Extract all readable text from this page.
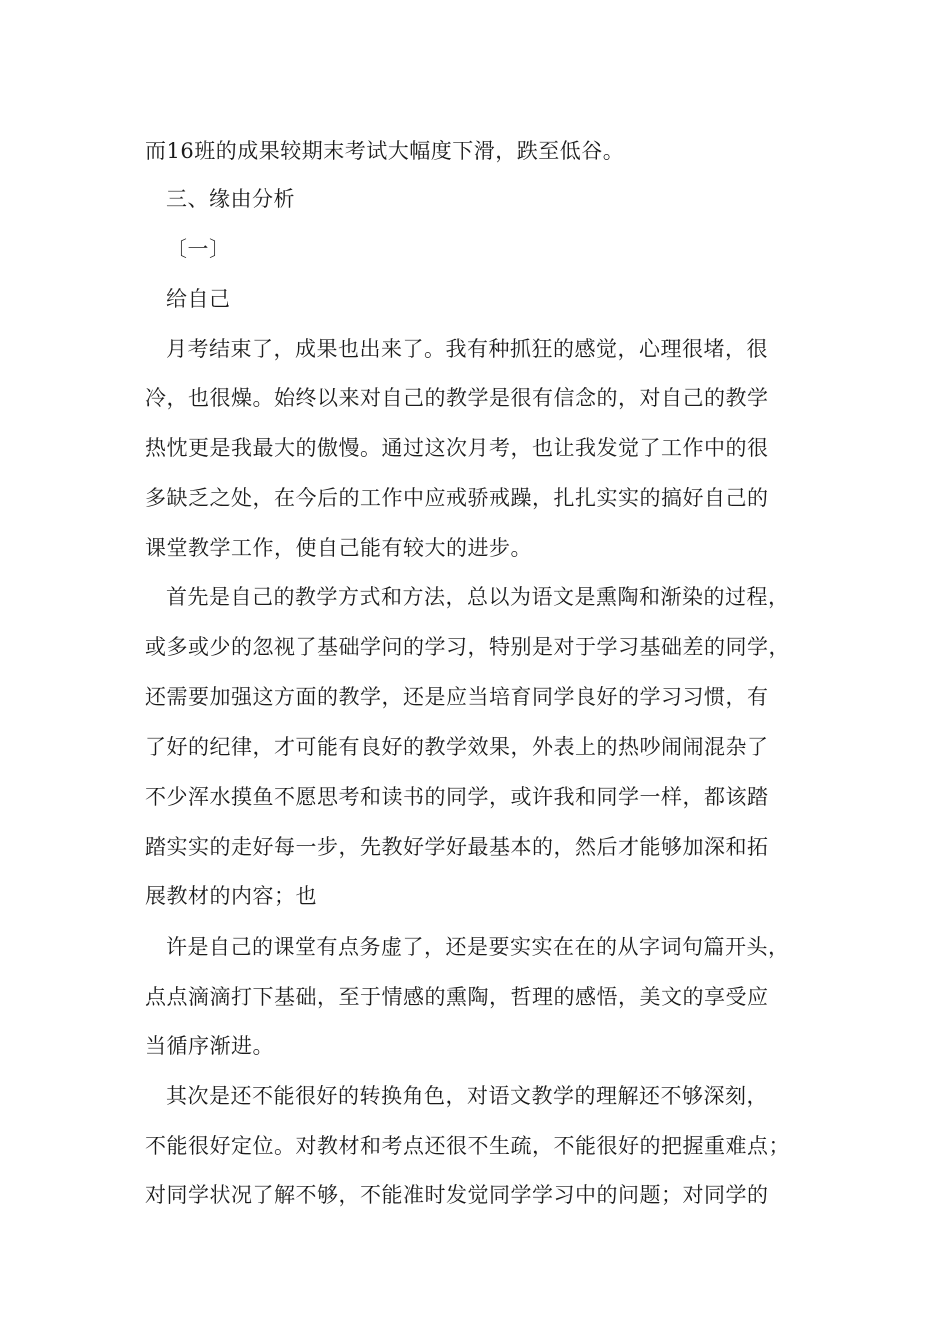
而16班的成果较期末考试大幅度下滑，跌至低谷。
三、缘由分析
〔一〕
给自己
月考结束了，成果也出来了。我有种抓狂的感觉，心理很堵，很
冷，也很燥。始终以来对自己的教学是很有信念的，对自己的教学
热忱更是我最大的傲慢。通过这次月考，也让我发觉了工作中的很
多缺乏之处，在今后的工作中应戒骄戒躁，扎扎实实的搞好自己的
课堂教学工作，使自己能有较大的进步。
首先是自己的教学方式和方法，总以为语文是熏陶和渐染的过程，
或多或少的忽视了基础学问的学习，特别是对于学习基础差的同学，
还需要加强这方面的教学，还是应当培育同学良好的学习习惯，有
了好的纪律，才可能有良好的教学效果，外表上的热吵闹闹混杂了
不少浑水摸鱼不愿思考和读书的同学，或许我和同学一样，都该踏
踏实实的走好每一步，先教好学好最基本的，然后才能够加深和拓
展教材的内容；也
许是自己的课堂有点务虚了，还是要实实在在的从字词句篇开头，
点点滴滴打下基础，至于情感的熏陶，哲理的感悟，美文的享受应
当循序渐进。
其次是还不能很好的转换角色，对语文教学的理解还不够深刻，
不能很好定位。对教材和考点还很不生疏，不能很好的把握重难点；
对同学状况了解不够，不能准时发觉同学学习中的问题；对同学的
